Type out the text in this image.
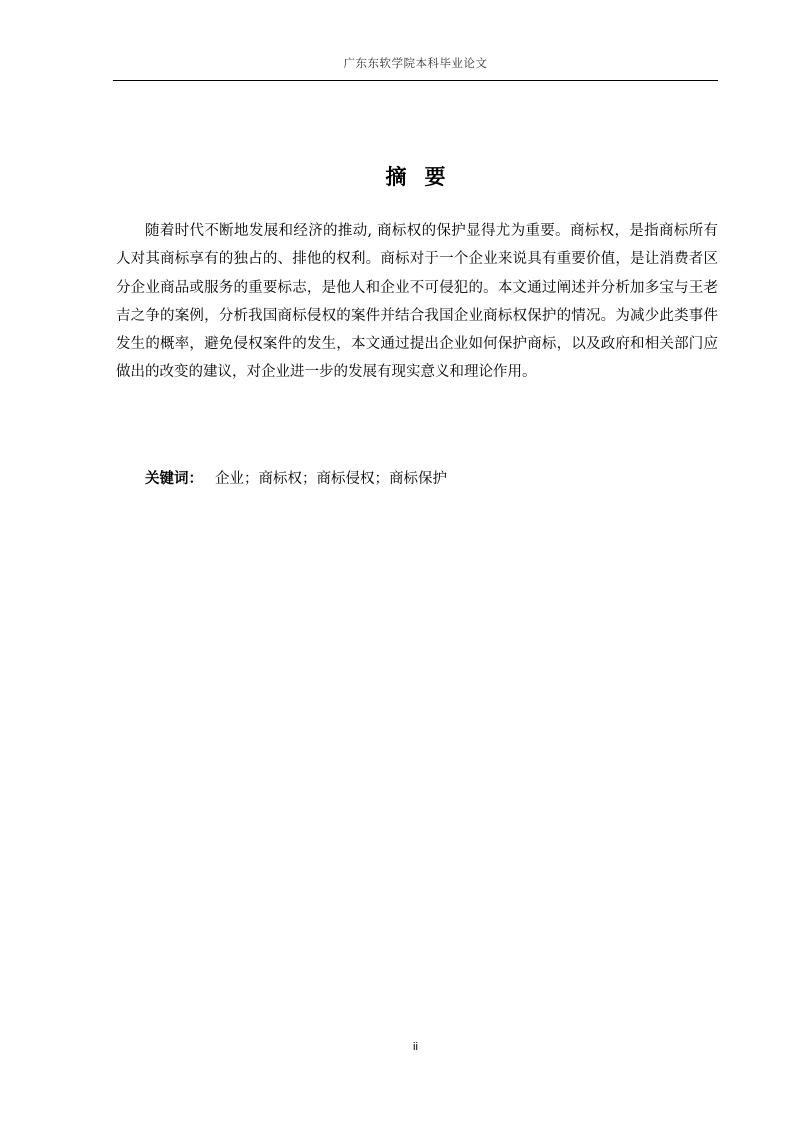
广东东软学院本科毕业论文
摘要

随着时代不断地发展和经济的推动, 商标权的保护显得尤为重要。商标权，是指商标所有人对其商标享有的独占的、排他的权利。商标对于一个企业来说具有重要价值，是让消费者区分企业商品或服务的重要标志，是他人和企业不可侵犯的。本文通过阐述并分析加多宝与王老吉之争的案例，分析我国商标侵权的案件并结合我国企业商标权保护的情况。为减少此类事件发生的概率，避免侵权案件的发生，本文通过提出企业如何保护商标，以及政府和相关部门应做出的改变的建议，对企业进一步的发展有现实意义和理论作用。

关键词： 企业；商标权；商标侵权；商标保护
ii
